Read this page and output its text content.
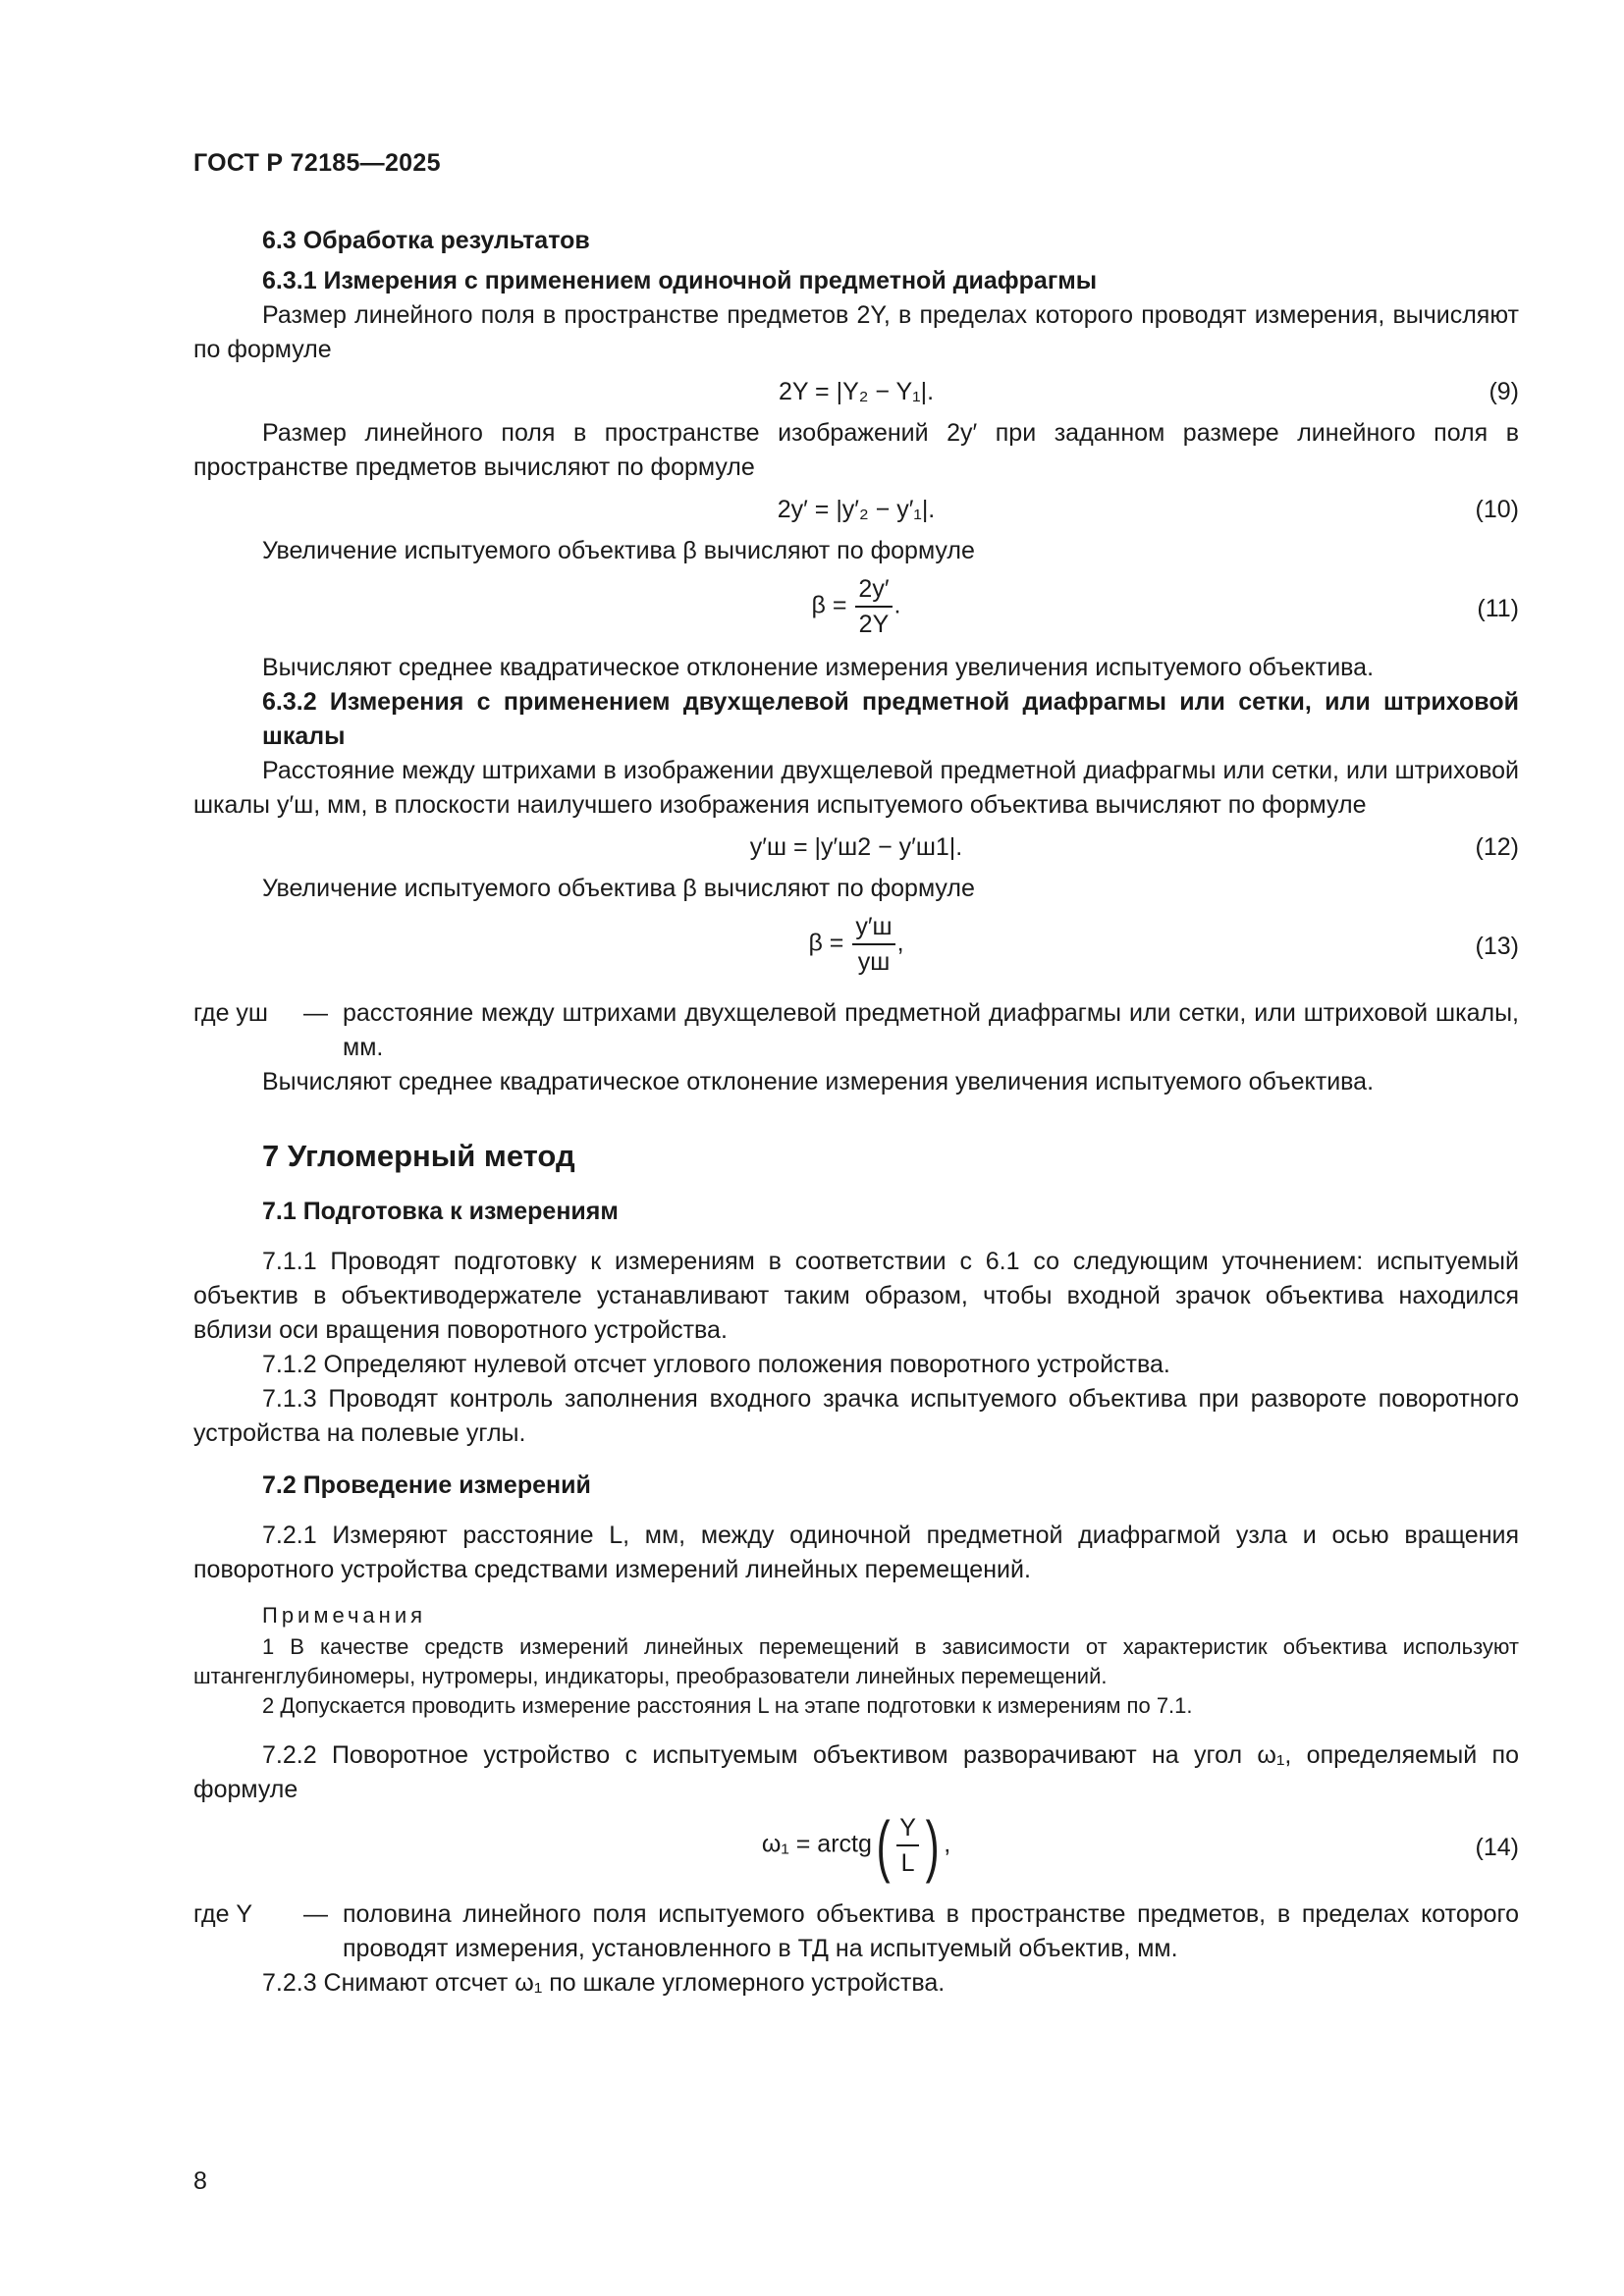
ГОСТ Р 72185—2025
6.3 Обработка результатов
6.3.1 Измерения с применением одиночной предметной диафрагмы

Размер линейного поля в пространстве предметов 2Y, в пределах которого проводят измерения, вычисляют по формуле

2Y = |Y₂ − Y₁|.	(9)

Размер линейного поля в пространстве изображений 2y′ при заданном размере линейного поля в пространстве предметов вычисляют по формуле

2y′ = |y′₂ − y′₁|.	(10)

Увеличение испытуемого объектива β вычисляют по формуле

$\beta = \frac{2y'}{2Y}$ .	(11)

Вычисляют среднее квадратическое отклонение измерения увеличения испытуемого объектива.

6.3.2 Измерения с применением двухщелевой предметной диафрагмы или сетки, или штриховой шкалы

Расстояние между штрихами в изображении двухщелевой предметной диафрагмы или сетки, или штриховой шкалы y′ш, мм, в плоскости наилучшего изображения испытуемого объектива вычисляют по формуле

y′ш = |y′ш2 − y′ш1|.	(12)

Увеличение испытуемого объектива β вычисляют по формуле

$\beta = \frac{y'ш}{yш}$ ,	(13)
где yш	— расстояние между штрихами двухщелевой предметной диафрагмы или сетки, или штриховой шкалы, мм.

Вычисляют среднее квадратическое отклонение измерения увеличения испытуемого объектива.

7 Угломерный метод
7.1 Подготовка к измерениям

7.1.1 Проводят подготовку к измерениям в соответствии с 6.1 со следующим уточнением: испытуемый объектив в объективодержателе устанавливают таким образом, чтобы входной зрачок объектива находился вблизи оси вращения поворотного устройства.

7.1.2 Определяют нулевой отсчет углового положения поворотного устройства.

7.1.3 Проводят контроль заполнения входного зрачка испытуемого объектива при развороте поворотного устройства на полевые углы.

7.2 Проведение измерений

7.2.1 Измеряют расстояние L, мм, между одиночной предметной диафрагмой узла и осью вращения поворотного устройства средствами измерений линейных перемещений.

Примечания
1 В качестве средств измерений линейных перемещений в зависимости от характеристик объектива используют штангенглубиномеры, нутромеры, индикаторы, преобразователи линейных перемещений.
2 Допускается проводить измерение расстояния L на этапе подготовки к измерениям по 7.1.

7.2.2 Поворотное устройство с испытуемым объективом разворачивают на угол ω₁, определяемый по формуле

ω₁ = arctg( $\frac{Y}{L}$ ) ,	(14)
где Y	— половина линейного поля испытуемого объектива в пространстве предметов, в пределах которого проводят измерения, установленного в ТД на испытуемый объектив, мм.

7.2.3 Снимают отсчет ω₁ по шкале угломерного устройства.

8
